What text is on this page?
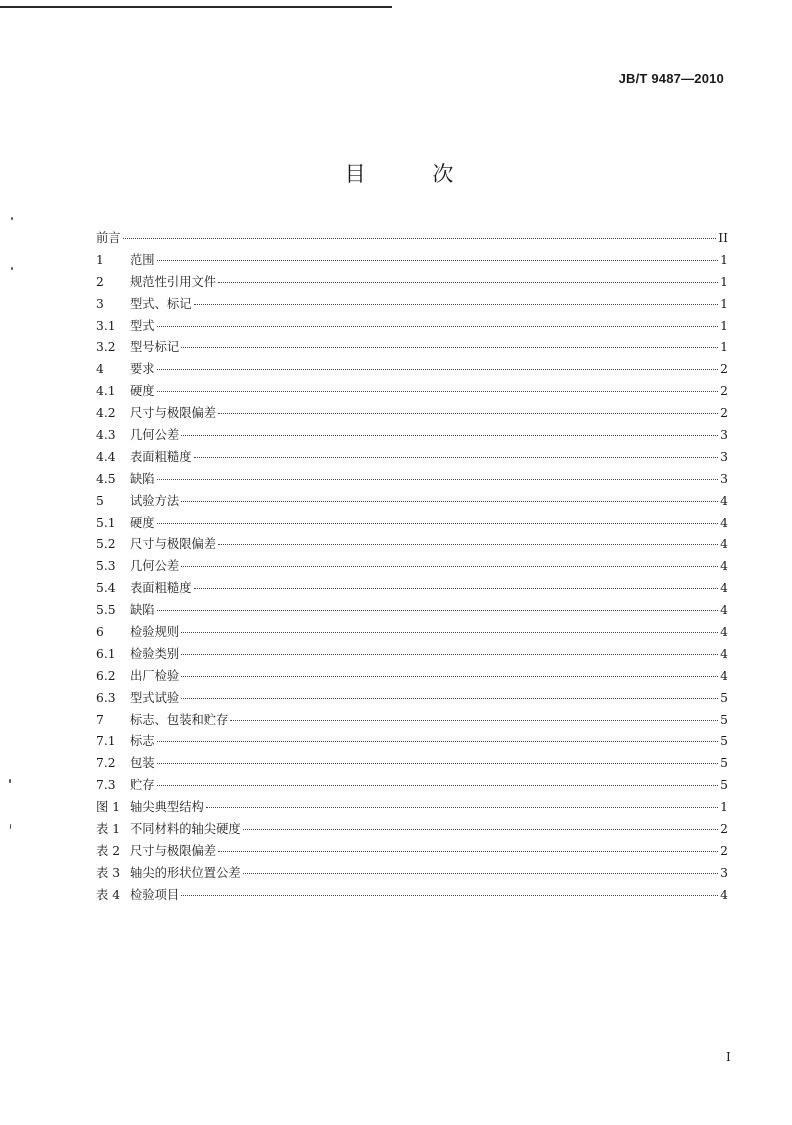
JB/T 9487—2010
目 次
前言	II
1	范围	1
2	规范性引用文件	1
3	型式、标记	1
3.1	型式	1
3.2	型号标记	1
4	要求	2
4.1	硬度	2
4.2	尺寸与极限偏差	2
4.3	几何公差	3
4.4	表面粗糙度	3
4.5	缺陷	3
5	试验方法	4
5.1	硬度	4
5.2	尺寸与极限偏差	4
5.3	几何公差	4
5.4	表面粗糙度	4
5.5	缺陷	4
6	检验规则	4
6.1	检验类别	4
6.2	出厂检验	4
6.3	型式试验	5
7	标志、包装和贮存	5
7.1	标志	5
7.2	包装	5
7.3	贮存	5
图 1 轴尖典型结构	1
表 1 不同材料的轴尖硬度	2
表 2 尺寸与极限偏差	2
表 3 轴尖的形状位置公差	3
表 4 检验项目	4
I
